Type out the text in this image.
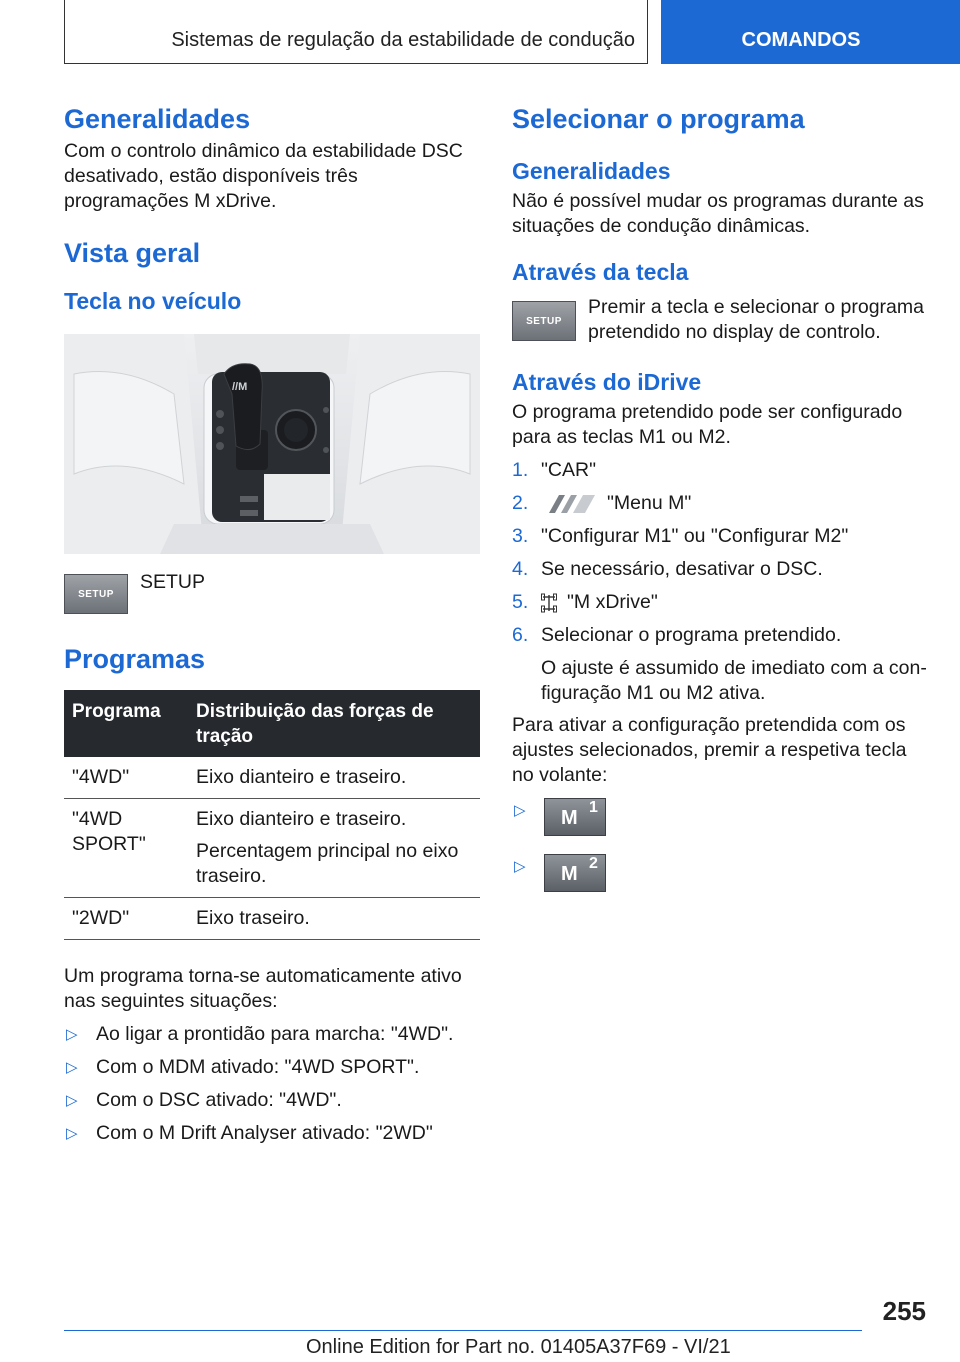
Sistemas de regulação da estabilidade de condução	COMANDOS
Generalidades

Com o controlo dinâmico da estabilidade DSC desativado, estão disponíveis três programações M xDrive.

Vista geral
Tecla no veículo
//M
SETUP

SETUP

Programas
Programa	Distribuição das forças de tração
"4WD"	Eixo dianteiro e traseiro.
"4WD SPORT"	Eixo dianteiro e traseiro.
Percentagem principal no eixo traseiro.

"2WD"	Eixo traseiro.

Um programa torna-se automaticamente ativo nas seguintes situações:

▷ Ao ligar a prontidão para marcha: "4WD".

▷ Com o MDM ativado: "4WD SPORT".

▷ Com o DSC ativado: "4WD".

▷ Com o M Drift Analyser ativado: "2WD"

Selecionar o programa
Generalidades

Não é possível mudar os programas durante as situações de condução dinâmicas.

Através da tecla
SETUP

Premir a tecla e selecionar o programa pretendido no display de controlo.

Através do iDrive

O programa pretendido pode ser configurado para as teclas M1 ou M2.

1. "CAR"

2.	"Menu M"

3. "Configurar M1" ou "Configurar M2"

4. Se necessário, desativar o DSC.

5.	"M xDrive"

6. Selecionar o programa pretendido.

O ajuste é assumido de imediato com a configuração M1 ou M2 ativa.

Para ativar a configuração pretendida com os ajustes selecionados, premir a respetiva tecla no volante:

▷	M 1
▷	M 2
255
Online Edition for Part no. 01405A37F69 - VI/21
